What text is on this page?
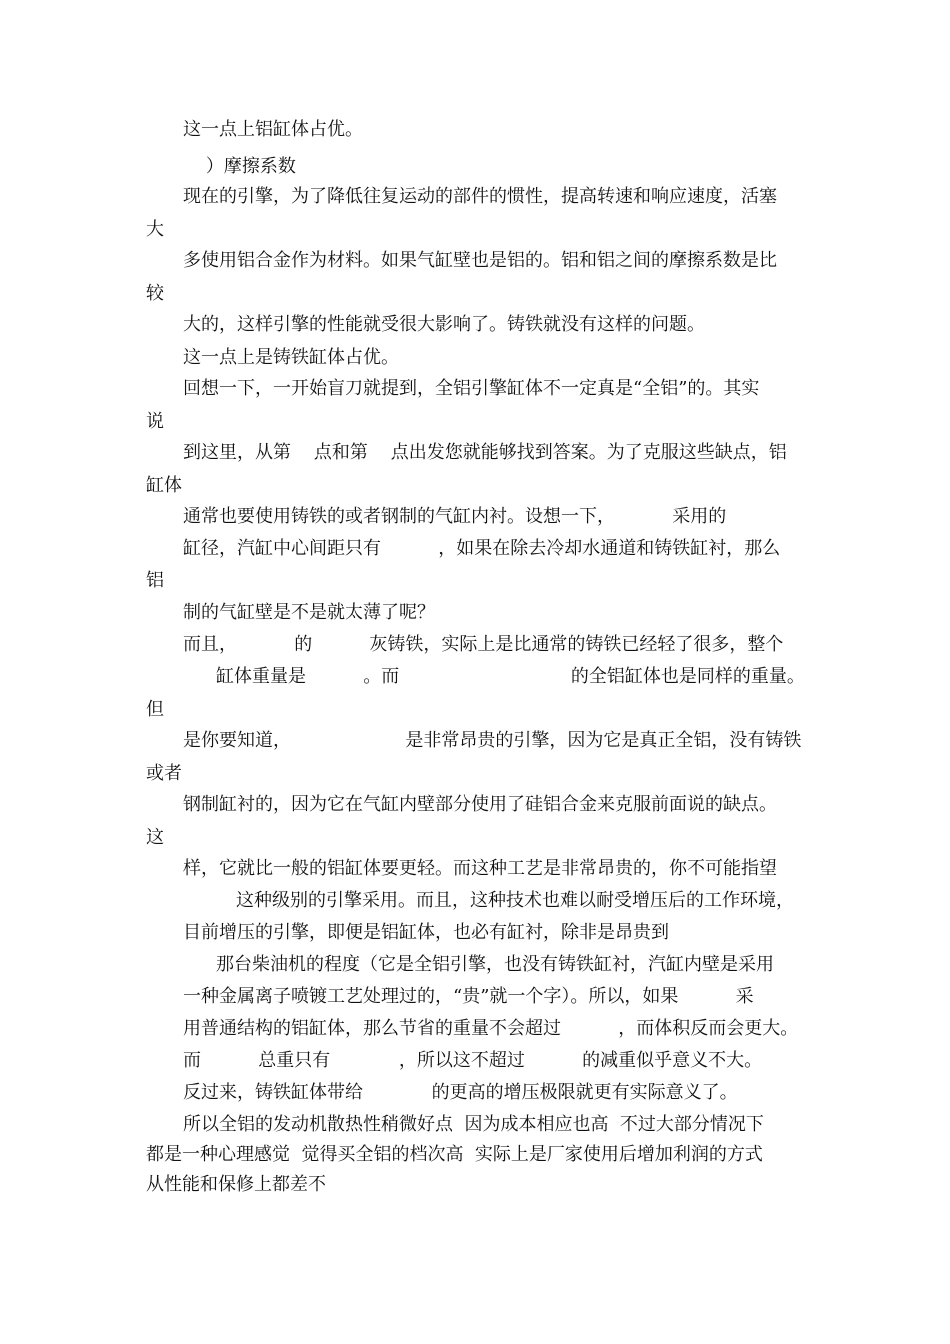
这一点上铝缸体占优。
）摩擦系数
现在的引擎，为了降低往复运动的部件的惯性，提高转速和响应速度，活塞
大
多使用铝合金作为材料。如果气缸壁也是铝的。铝和铝之间的摩擦系数是比
较
大的，这样引擎的性能就受很大影响了。铸铁就没有这样的问题。
这一点上是铸铁缸体占优。
回想一下，一开始盲刀就提到，全铝引擎缸体不一定真是“全铝”的。其实
说
到这里，从第    点和第    点出发您就能够找到答案。为了克服这些缺点，铝
缸体
通常也要使用铸铁的或者钢制的气缸内衬。设想一下，          采用的
缸径，汽缸中心间距只有          ，如果在除去冷却水通道和铸铁缸衬，那么
铝
制的气缸壁是不是就太薄了呢？
而且，          的          灰铸铁，实际上是比通常的铸铁已经轻了很多，整个
缸体重量是          。而                              的全铝缸体也是同样的重量。
但
是你要知道，                    是非常昂贵的引擎，因为它是真正全铝，没有铸铁
或者
钢制缸衬的，因为它在气缸内壁部分使用了硅铝合金来克服前面说的缺点。
这
样，它就比一般的铝缸体要更轻。而这种工艺是非常昂贵的，你不可能指望
这种级别的引擎采用。而且，这种技术也难以耐受增压后的工作环境，
目前增压的引擎，即便是铝缸体，也必有缸衬，除非是昂贵到
那台柴油机的程度（它是全铝引擎，也没有铸铁缸衬，汽缸内壁是采用
一种金属离子喷镀工艺处理过的，“贵”就一个字）。所以，如果          采
用普通结构的铝缸体，那么节省的重量不会超过          ，而体积反而会更大。
而          总重只有            ，所以这不超过          的减重似乎意义不大。
反过来，铸铁缸体带给            的更高的增压极限就更有实际意义了。
所以全铝的发动机散热性稍微好点  因为成本相应也高  不过大部分情况下
都是一种心理感觉  觉得买全铝的档次高  实际上是厂家使用后增加利润的方式
从性能和保修上都差不
